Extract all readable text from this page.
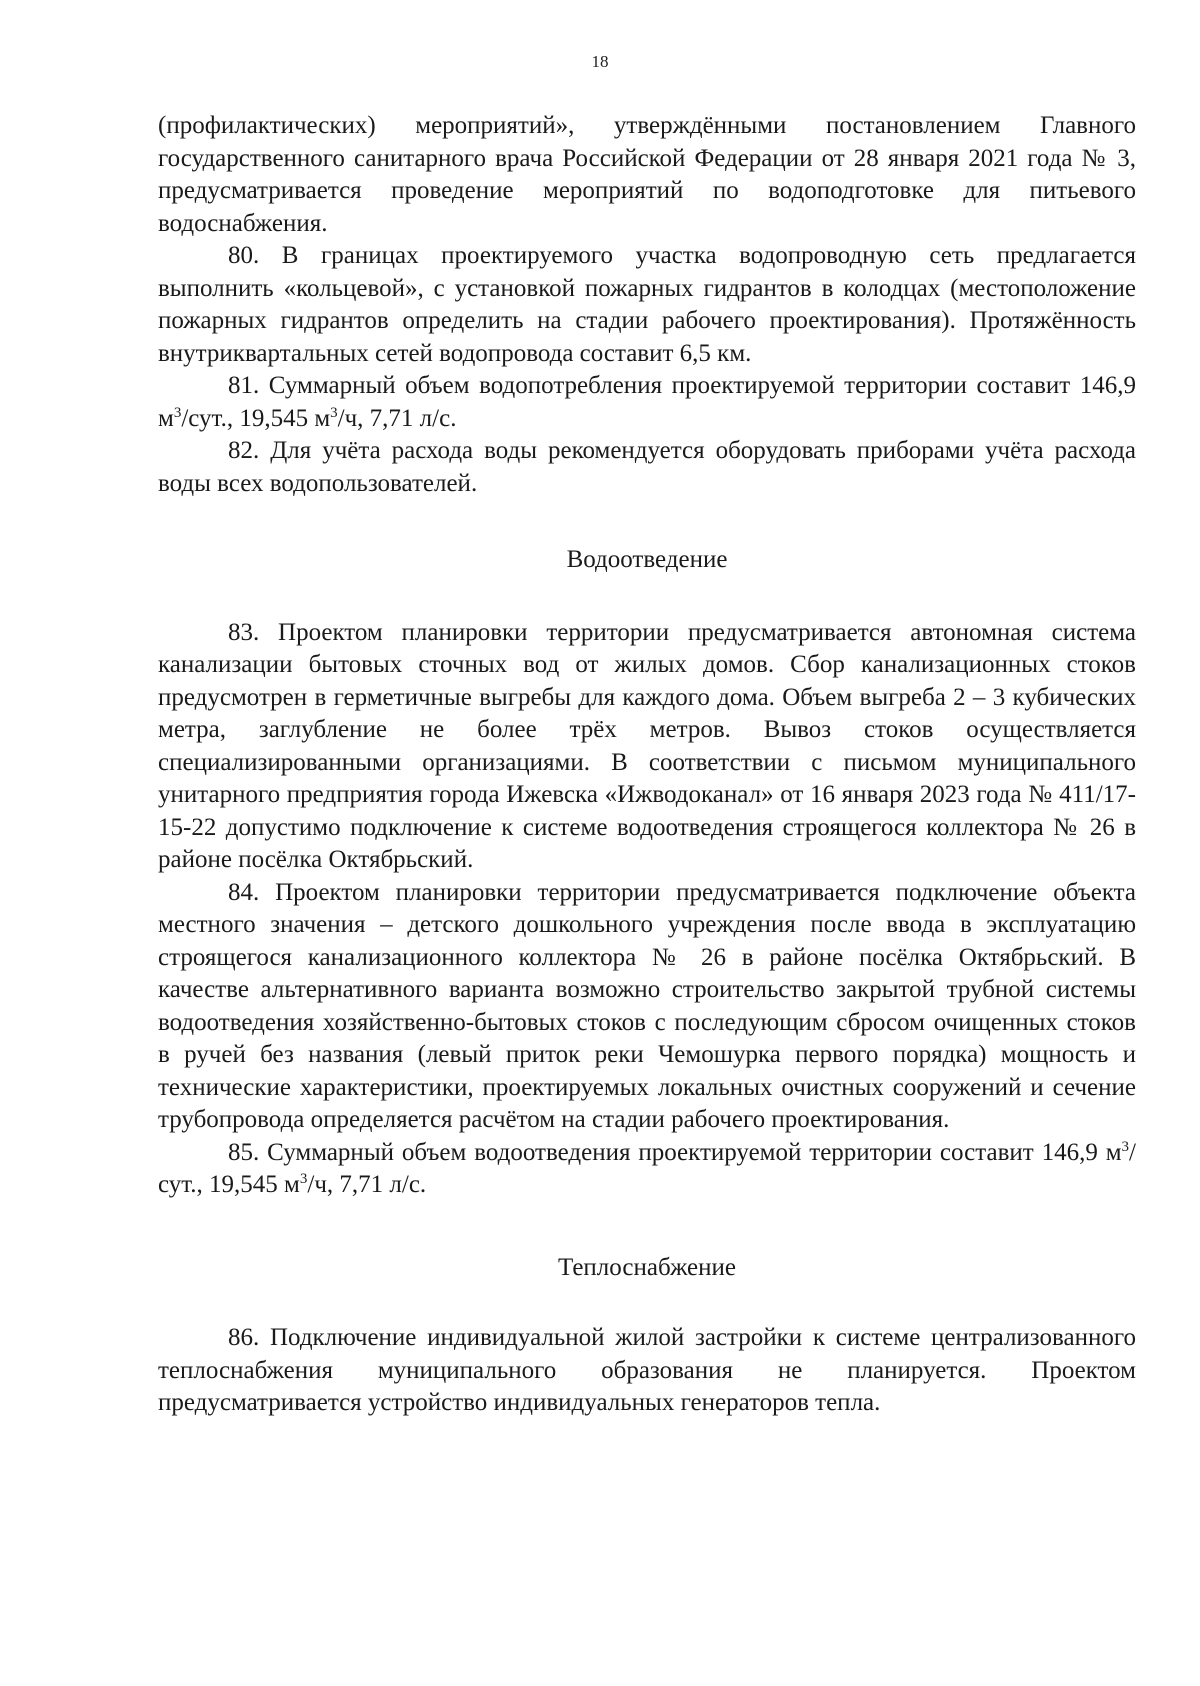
18

(профилактических) мероприятий», утверждёнными постановлением Главного государственного санитарного врача Российской Федерации от 28 января 2021 года № 3, предусматривается проведение мероприятий по водоподготовке для питьевого водоснабжения.

80. В границах проектируемого участка водопроводную сеть предлагается выполнить «кольцевой», с установкой пожарных гидрантов в колодцах (местоположение пожарных гидрантов определить на стадии рабочего проектирования). Протяжённость внутриквартальных сетей водопровода составит 6,5 км.

81. Суммарный объем водопотребления проектируемой территории составит 146,9 $м^3$/сут., 19,545 $м^3/ч$, 7,71 л/с.

82. Для учёта расхода воды рекомендуется оборудовать приборами учёта расхода воды всех водопользователей.

Водоотведение

83. Проектом планировки территории предусматривается автономная система канализации бытовых сточных вод от жилых домов. Сбор канализационных стоков предусмотрен в герметичные выгребы для каждого дома. Объем выгреба 2 – 3 кубических метра, заглубление не более трёх метров. Вывоз стоков осуществляется специализированными организациями. В соответствии с письмом муниципального унитарного предприятия города Ижевска «Ижводоканал» от 16 января 2023 года № 411/17-15-22 допустимо подключение к системе водоотведения строящегося коллектора № 26 в районе посёлка Октябрьский.

84. Проектом планировки территории предусматривается подключение объекта местного значения – детского дошкольного учреждения после ввода в эксплуатацию строящегося канализационного коллектора № 26 в районе посёлка Октябрьский. В качестве альтернативного варианта возможно строительство закрытой трубной системы водоотведения хозяйственно-бытовых стоков с последующим сбросом очищенных стоков в ручей без названия (левый приток реки Чемошурка первого порядка) мощность и технические характеристики, проектируемых локальных очистных сооружений и сечение трубопровода определяется расчётом на стадии рабочего проектирования.

85. Суммарный объем водоотведения проектируемой территории составит 146,9 $м^3$/сут., 19,545 $м^3/ч$, 7,71 л/с.

Теплоснабжение

86. Подключение индивидуальной жилой застройки к системе централизованного теплоснабжения муниципального образования не планируется. Проектом предусматривается устройство индивидуальных генераторов тепла.
